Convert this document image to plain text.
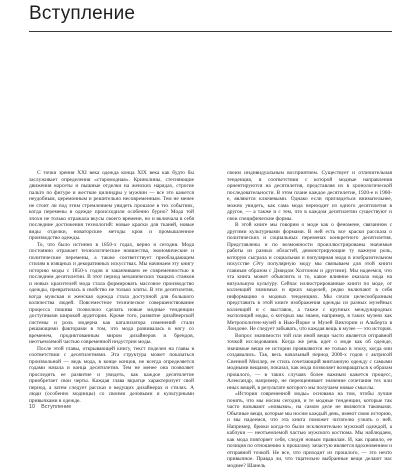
Вступление

С точки зрения XXI века одежда конца XIX века как будто бы заслуживает определения «старомодная». Кринолины, стесняющие движения корсеты и пышные отделки на женских нарядах, строгие пальто по фигуре и жесткие цилиндры у мужчин — все это кажется неудобным, церемонным и решительно несовременным. Тем не менее не стоит ли под этим стремлением увидеть прошлое в тех событиях, когда перемены в одежде происходили особенно бурно? Мода той эпохи не только отражала вкусы своего времени, но и включала в себя последние достижения технологий: новые краски для тканей, новые виды отделки, новаторские методы кроя и промышленное производство одежды.

То, что было истинно в 1850-х годах, верно и сегодня. Мода постоянно отражает технологические новшества, экономические и политические перемены, а также соответствует преобладающим стилям в изящных и декоративных искусствах. Мы начинаем эту книгу историю моды с 1850-х годов и заканчиваем ее современностью в последнем десятилетии. В этот период механических ткацких станков и новых красителей мода стала формировать массовое производство одежды, превратилась в свойство не только элиты. В эти десятилетия, когда мужская и женская одежда стала доступной для большого количества людей. Повсеместное техническое совершенствование процесса пошива позволило сделать новые модные тенденции доступными широкой аудитории. Кроме того, развитие дизайнерской системы и роль модерна как катализатора изменений стали решающими факторами в том, что мода развивалась в ногу со временем, продиктованным миром дизайнеров и брендов, неотъемлемой частью современной индустрии моды.

После этой главы, открывающей книгу, текст поделен на главы в соответствии с десятилетиями. Эта структура может показаться произвольной — ведь мода, в конце концов, не всегда определяется годами начала и конца десятилетия. Тем не менее она позволяет проследить ее развитие и увидеть, как каждое десятилетие приобретает свои черты. Каждая глава вкратце характеризует свой период, а затем следует рассказ о ведущих дизайнерах и стилях. А люди (особенно модницы) со своими деловыми и культурными привычками в одежде.

своим индивидуальным восприятием. Существует и отличительная тенденция, в соответствии с которой модные направления ориентируются на десятилетия, представляя их в хронологической последовательности. В этом плане каждое десятилетие, 1920-е и 1960-е, являются ключевыми. Однако если приглядеться внимательнее, можно увидеть, как сама мода переходит из одного десятилетия в другое, — а также и с тем, что в каждом десятилетии существуют и свои специфические формы.

В этой книге мы говорим о моде как о феномене, связанном с другими культурными формами. В ней есть все краски рассказа о политических и социальных переменах конкретного десятилетия. Представлены и по возможности проиллюстрированы значимые работы из разных областей, демонстрирующие ту важную роль, которую сыграла и социальная и популярная мода в изобразительном искусстве (Эту популярную моду мы связываем для этой книги главным образом с Дэвидом Холтоном и другими). Мы надеемся, что эта книга может объяснить и то, какое влияние оказала мода на визуальную культуру. Сейчас иллюстрированные книги по моде, от коллекций значимых и ярких моделей, редко включают в себя информацию о модных тенденциях. Мы сочли целесообразным представить в этой книге изображения одежды из разных музейных коллекций и с выставок, а также с крупных международных экспозиций моды, о которых мы знаем, например, в таких музеях как Метрополитен-музей в Нью-Йорке и Музей Виктории и Альберта в Лондоне. Не следует забывать, что каждая вещь в музее — это история.

Вопрос значимости той или иной вещи часто является отправной точкой исследования. Когда же речь идет о моде как об одежде, значимые вещи ее истории проявляются не только в эпоху, когда они создавались. Так, весь начальный период 2000-х годов с актрисой Сиенной Миллер, ее стиль сочетающий винтажную одежду с самыми модными вещами, показал, как мода позволяет возвращаться к образам прошлого, — в таких случаях более важным кажется процесс, Александр, например, не переоценивает значение сочетания тех или иных вещей, в результате которого мы получаем новые смыслы.

«История современной моды» основана на том, чтобы лучше понять, что мы носим сегодня, и те модные тенденции, которые так часто называют «новыми», на самом деле не являются таковыми. Обычные вещи, которые мы носим каждый день, имеют свою историю, и мы надеемся, что эта книга поможет читателю узнать о ней. Например, брюки когда-то были исключительно мужской одеждой, а каблуки — неотъемлемой частью мужского костюма. Мы наблюдаем, как мода повторяет себя, следуя новым правилам. И, как правило, ее позиция по отношению к прошлому зачастую является вдохновением и отправной точкой. Не все, что приходит из прошлого, — это нечто привычное. Правда ли, что тщательно выбранные вещи делают нас моднее? Шанель

10 Вступление
